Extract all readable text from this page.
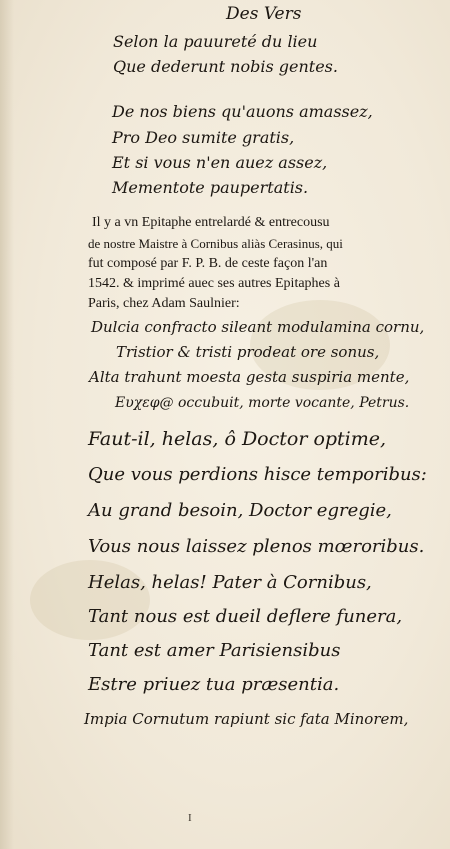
Des Vers
Selon la pauureté du lieu
Que dederunt nobis gentes.
De nos biens qu'auons amassez,
Pro Deo sumite gratis,
Et si vous n'en auez assez,
Mementote paupertatis.
Il y a vn Epitaphe entrelardé & entrecousu
de nostre Maistre à Cornibus aliàs Cerasinus, qui
fut composé par F. P. B. de ceste façon l'an
1542. & imprimé auec ses autres Epitaphes à
Paris, chez Adam Saulnier:
Dulcia confracto sileant modulamina cornu,
Tristior & tristi prodeat ore sonus,
Alta trahunt moesta gesta suspiria mente,
Eυχεφ@ occubuit, morte vocante, Petrus.
Faut-il, helas, ô Doctor optime,
Que vous perdions hisce temporibus:
Au grand besoin, Doctor egregie,
Vous nous laissez plenos mœroribus.
Helas, helas! Pater à Cornibus,
Tant nous est dueil deflere funera,
Tant est amer Parisiensibus
Estre priuez tua præsentia.
Impia Cornutum rapiunt sic fata Minorem,
I
